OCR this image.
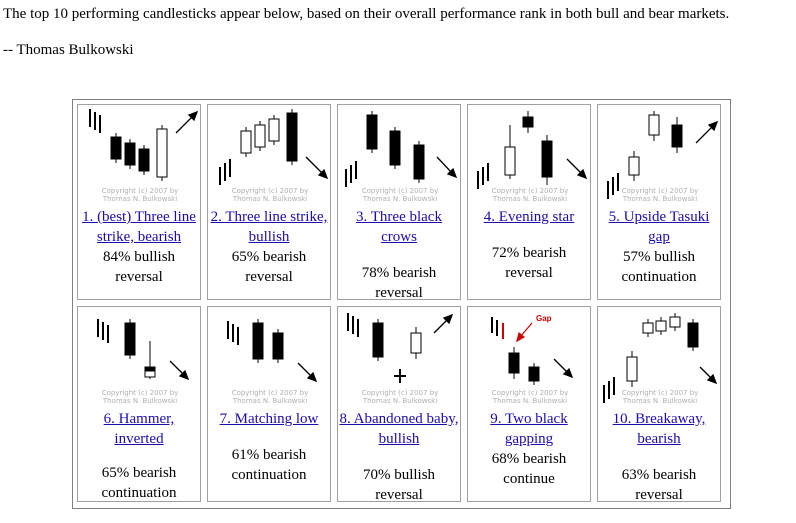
The top 10 performing candlesticks appear below, based on their overall performance rank in both bull and bear markets.
-- Thomas Bulkowski
Copyright (c) 2007 by
Thomas N. Bulkowski
1. (best) Three line strike, bearish
84% bullish
reversal
Copyright (c) 2007 by
Thomas N. Bulkowski
2. Three line strike, bullish
65% bearish
reversal
Copyright (c) 2007 by
Thomas N. Bulkowski
3. Three black crows
78% bearish
reversal
Copyright (c) 2007 by
Thomas N. Bulkowski
4. Evening star
72% bearish
reversal
Copyright (c) 2007 by
Thomas N. Bulkowski
5. Upside Tasuki gap
57% bullish
continuation
Copyright (c) 2007 by
Thomas N. Bulkowski
6. Hammer, inverted
65% bearish
continuation
Copyright (c) 2007 by
Thomas N. Bulkowski
7. Matching low
61% bearish
continuation
Copyright (c) 2007 by
Thomas N. Bulkowski
8. Abandoned baby, bullish
70% bullish
reversal
Gap
Copyright (c) 2007 by
Thomas N. Bulkowski
9. Two black gapping
68% bearish
continue
Copyright (c) 2007 by
Thomas N. Bulkowski
10. Breakaway, bearish
63% bearish
reversal
